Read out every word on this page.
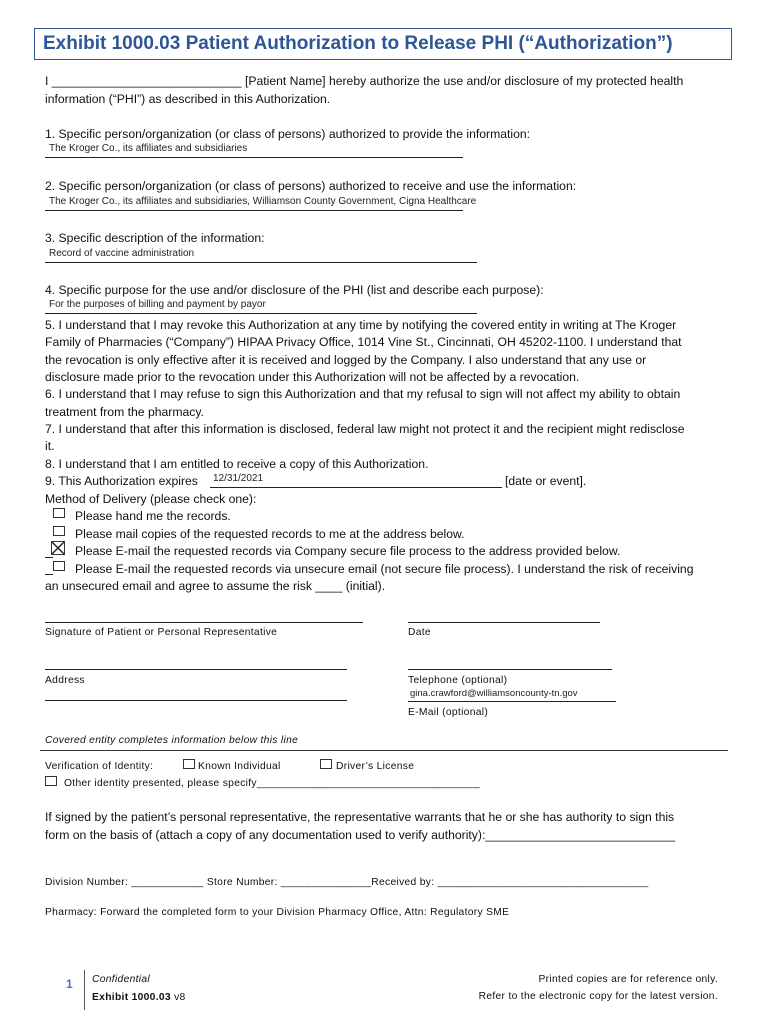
Exhibit 1000.03 Patient Authorization to Release PHI (“Authorization”)
I ____________________________ [Patient Name] hereby authorize the use and/or disclosure of my protected health
information (“PHI”) as described in this Authorization.
1. Specific person/organization (or class of persons) authorized to provide the information:
The Kroger Co., its affiliates and subsidiaries
2. Specific person/organization (or class of persons) authorized to receive and use the information:
The Kroger Co., its affiliates and subsidiaries, Williamson County Government, Cigna Healthcare
3. Specific description of the information:
Record of vaccine administration
4. Specific purpose for the use and/or disclosure of the PHI (list and describe each purpose):
For the purposes of billing and payment by payor
5. I understand that I may revoke this Authorization at any time by notifying the covered entity in writing at The Kroger
Family of Pharmacies (“Company”) HIPAA Privacy Office, 1014 Vine St., Cincinnati, OH 45202-1100. I understand that
the revocation is only effective after it is received and logged by the Company. I also understand that any use or
disclosure made prior to the revocation under this Authorization will not be affected by a revocation.
6. I understand that I may refuse to sign this Authorization and that my refusal to sign will not affect my ability to obtain
treatment from the pharmacy.
7. I understand that after this information is disclosed, federal law might not protect it and the recipient might redisclose
it.
8. I understand that I am entitled to receive a copy of this Authorization.
9. This Authorization expires 12/31/2021	[date or event].
Method of Delivery (please check one):
Please hand me the records.
Please mail copies of the requested records to me at the address below.
Please E-mail the requested records via Company secure file process to the address provided below.
Please E-mail the requested records via unsecure email (not secure file process). I understand the risk of receiving
an unsecured email and agree to assume the risk ____ (initial).
Signature of Patient or Personal Representative	Date
Address	Telephone (optional)
gina.crawford@williamsoncounty-tn.gov
E-Mail (optional)
Covered entity completes information below this line
Verification of Identity:	Known Individual	Driver’s License
Other identity presented, please specify_____________________________________
If signed by the patient’s personal representative, the representative warrants that he or she has authority to sign this
form on the basis of (attach a copy of any documentation used to verify authority):____________________________
Division Number: ____________ Store Number: _______________Received by: ___________________________________
Pharmacy: Forward the completed form to your Division Pharmacy Office, Attn: Regulatory SME
1 Confidential
Exhibit 1000.03 v8
Printed copies are for reference only.
Refer to the electronic copy for the latest version.
